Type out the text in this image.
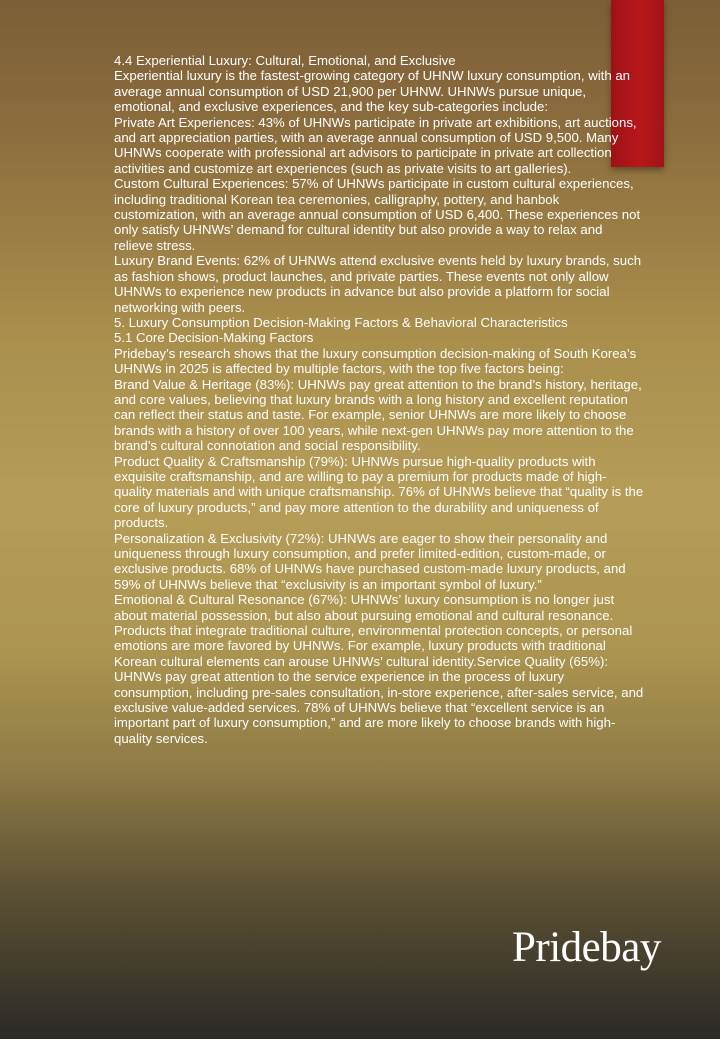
4.4 Experiential Luxury: Cultural, Emotional, and Exclusive

Experiential luxury is the fastest-growing category of UHNW luxury consumption, with an average annual consumption of USD 21,900 per UHNW. UHNWs pursue unique, emotional, and exclusive experiences, and the key sub-categories include:

Private Art Experiences: 43% of UHNWs participate in private art exhibitions, art auctions, and art appreciation parties, with an average annual consumption of USD 9,500. Many UHNWs cooperate with professional art advisors to participate in private art collection activities and customize art experiences (such as private visits to art galleries).

Custom Cultural Experiences: 57% of UHNWs participate in custom cultural experiences, including traditional Korean tea ceremonies, calligraphy, pottery, and hanbok customization, with an average annual consumption of USD 6,400. These experiences not only satisfy UHNWs’ demand for cultural identity but also provide a way to relax and relieve stress.

Luxury Brand Events: 62% of UHNWs attend exclusive events held by luxury brands, such as fashion shows, product launches, and private parties. These events not only allow UHNWs to experience new products in advance but also provide a platform for social networking with peers.

5. Luxury Consumption Decision-Making Factors & Behavioral Characteristics

5.1 Core Decision-Making Factors

Pridebay’s research shows that the luxury consumption decision-making of South Korea’s UHNWs in 2025 is affected by multiple factors, with the top five factors being:

Brand Value & Heritage (83%): UHNWs pay great attention to the brand’s history, heritage, and core values, believing that luxury brands with a long history and excellent reputation can reflect their status and taste. For example, senior UHNWs are more likely to choose brands with a history of over 100 years, while next-gen UHNWs pay more attention to the brand’s cultural connotation and social responsibility.

Product Quality & Craftsmanship (79%): UHNWs pursue high-quality products with exquisite craftsmanship, and are willing to pay a premium for products made of high-quality materials and with unique craftsmanship. 76% of UHNWs believe that “quality is the core of luxury products,” and pay more attention to the durability and uniqueness of products.

Personalization & Exclusivity (72%): UHNWs are eager to show their personality and uniqueness through luxury consumption, and prefer limited-edition, custom-made, or exclusive products. 68% of UHNWs have purchased custom-made luxury products, and 59% of UHNWs believe that “exclusivity is an important symbol of luxury.”

Emotional & Cultural Resonance (67%): UHNWs’ luxury consumption is no longer just about material possession, but also about pursuing emotional and cultural resonance. Products that integrate traditional culture, environmental protection concepts, or personal emotions are more favored by UHNWs. For example, luxury products with traditional Korean cultural elements can arouse UHNWs’ cultural identity.Service Quality (65%): UHNWs pay great attention to the service experience in the process of luxury consumption, including pre-sales consultation, in-store experience, after-sales service, and exclusive value-added services. 78% of UHNWs believe that “excellent service is an important part of luxury consumption,” and are more likely to choose brands with high-quality services.

Pridebay
